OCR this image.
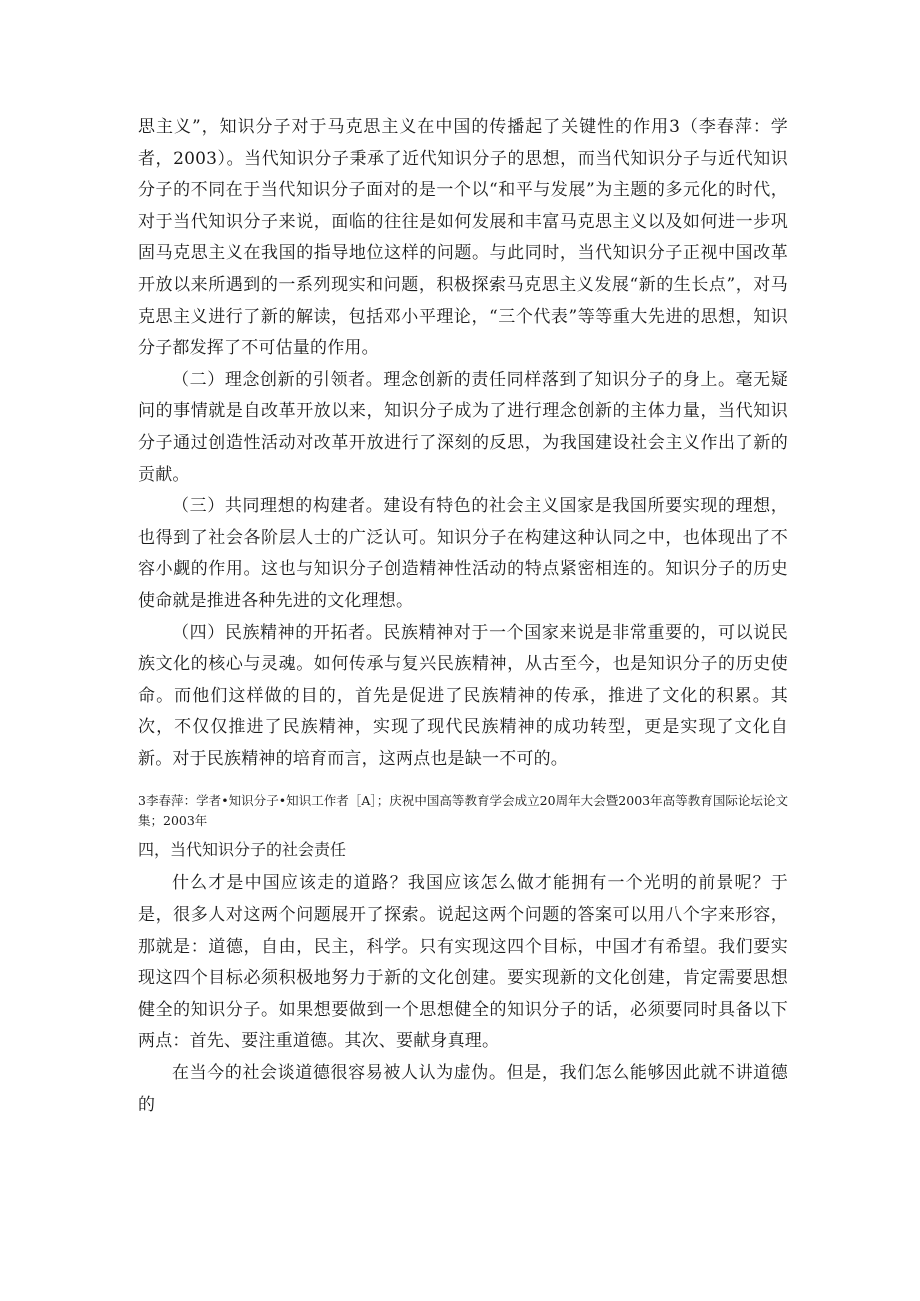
思主义”，知识分子对于马克思主义在中国的传播起了关键性的作用3（李春萍：学者，2003）。当代知识分子秉承了近代知识分子的思想，而当代知识分子与近代知识分子的不同在于当代知识分子面对的是一个以“和平与发展”为主题的多元化的时代，对于当代知识分子来说，面临的往往是如何发展和丰富马克思主义以及如何进一步巩固马克思主义在我国的指导地位这样的问题。与此同时，当代知识分子正视中国改革开放以来所遇到的一系列现实和问题，积极探索马克思主义发展“新的生长点”，对马克思主义进行了新的解读，包括邓小平理论，“三个代表”等等重大先进的思想，知识分子都发挥了不可估量的作用。

（二）理念创新的引领者。理念创新的责任同样落到了知识分子的身上。毫无疑问的事情就是自改革开放以来，知识分子成为了进行理念创新的主体力量，当代知识分子通过创造性活动对改革开放进行了深刻的反思，为我国建设社会主义作出了新的贡献。

（三）共同理想的构建者。建设有特色的社会主义国家是我国所要实现的理想，也得到了社会各阶层人士的广泛认可。知识分子在构建这种认同之中，也体现出了不容小觑的作用。这也与知识分子创造精神性活动的特点紧密相连的。知识分子的历史使命就是推进各种先进的文化理想。

（四）民族精神的开拓者。民族精神对于一个国家来说是非常重要的，可以说民族文化的核心与灵魂。如何传承与复兴民族精神，从古至今，也是知识分子的历史使命。而他们这样做的目的，首先是促进了民族精神的传承，推进了文化的积累。其次，不仅仅推进了民族精神，实现了现代民族精神的成功转型，更是实现了文化自新。对于民族精神的培育而言，这两点也是缺一不可的。

3李春萍：学者•知识分子•知识工作者［A］；庆祝中国高等教育学会成立20周年大会暨2003年高等教育国际论坛论文集；2003年
四，当代知识分子的社会责任

什么才是中国应该走的道路？我国应该怎么做才能拥有一个光明的前景呢？于是，很多人对这两个问题展开了探索。说起这两个问题的答案可以用八个字来形容，那就是：道德，自由，民主，科学。只有实现这四个目标，中国才有希望。我们要实现这四个目标必须积极地努力于新的文化创建。要实现新的文化创建，肯定需要思想健全的知识分子。如果想要做到一个思想健全的知识分子的话，必须要同时具备以下两点：首先、要注重道德。其次、要献身真理。

在当今的社会谈道德很容易被人认为虚伪。但是，我们怎么能够因此就不讲道德的
